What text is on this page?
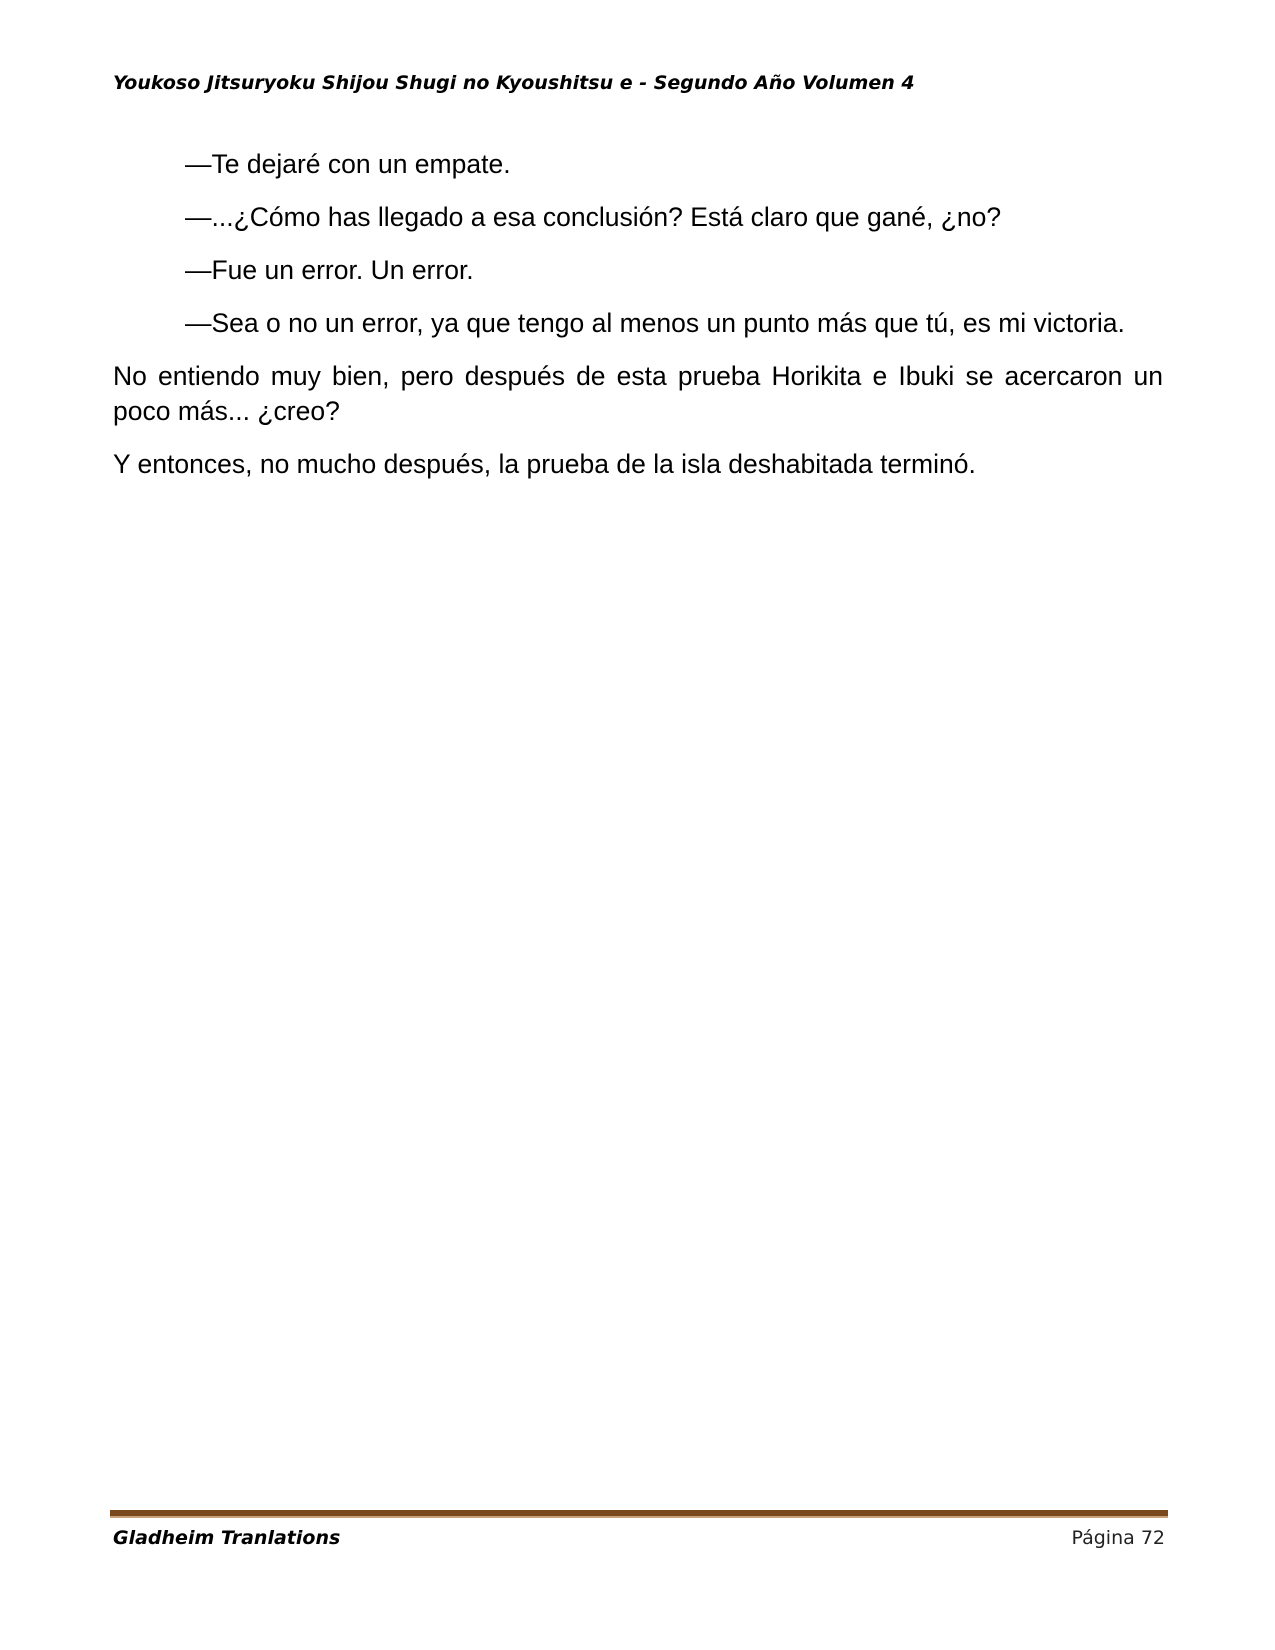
Youkoso Jitsuryoku Shijou Shugi no Kyoushitsu e - Segundo Año Volumen 4

—Te dejaré con un empate.

—...¿Cómo has llegado a esa conclusión? Está claro que gané, ¿no?

—Fue un error. Un error.

—Sea o no un error, ya que tengo al menos un punto más que tú, es mi victoria.

No entiendo muy bien, pero después de esta prueba Horikita e Ibuki se acercaron un poco más... ¿creo?

Y entonces, no mucho después, la prueba de la isla deshabitada terminó.

Gladheim Tranlations	Página 72
